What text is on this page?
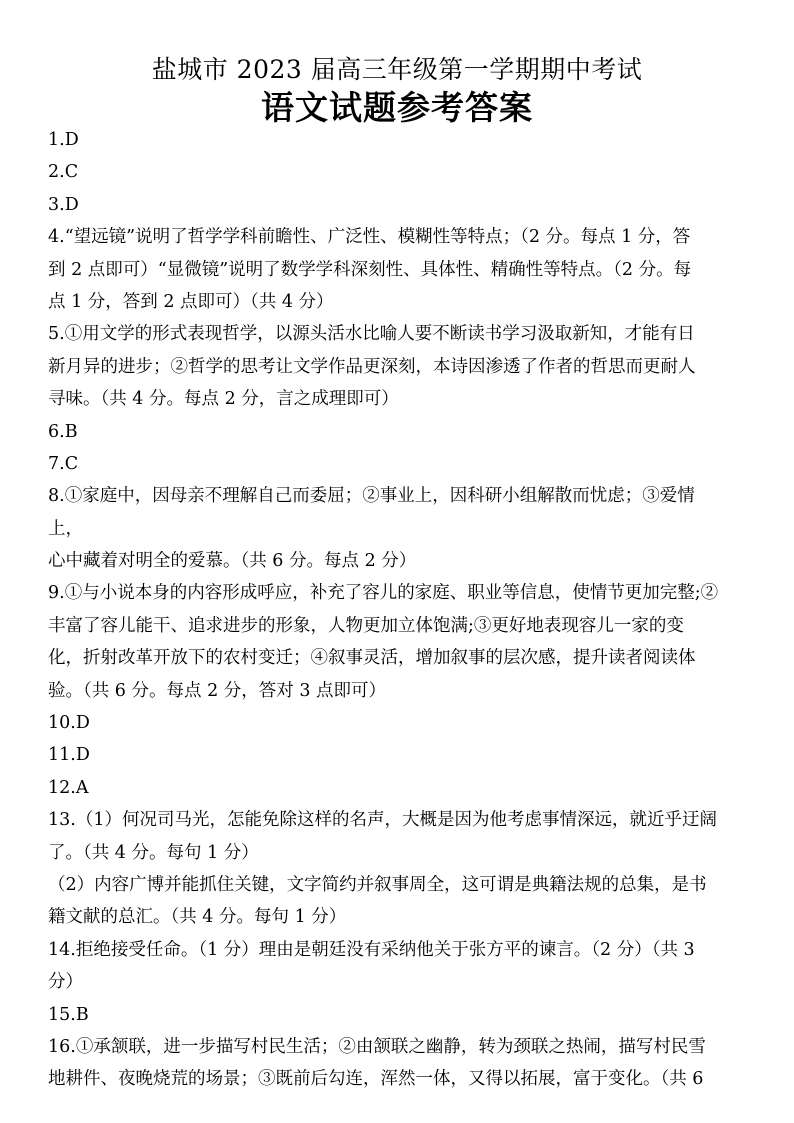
盐城市 2023 届高三年级第一学期期中考试
语文试题参考答案
1.D
2.C
3.D
4.“望远镜”说明了哲学学科前瞻性、广泛性、模糊性等特点；（2 分。每点 1 分，答
到 2 点即可）“显微镜”说明了数学学科深刻性、具体性、精确性等特点。（2 分。每
点 1 分，答到 2 点即可）（共 4 分）
5.①用文学的形式表现哲学，以源头活水比喻人要不断读书学习汲取新知，才能有日
新月异的进步；②哲学的思考让文学作品更深刻，本诗因渗透了作者的哲思而更耐人
寻味。（共 4 分。每点 2 分，言之成理即可）
6.B
7.C
8.①家庭中，因母亲不理解自己而委屈；②事业上，因科研小组解散而忧虑；③爱情
上，
心中藏着对明全的爱慕。（共 6 分。每点 2 分）
9.①与小说本身的内容形成呼应，补充了容儿的家庭、职业等信息，使情节更加完整;②
丰富了容儿能干、追求进步的形象，人物更加立体饱满;③更好地表现容儿一家的变
化，折射改革开放下的农村变迁；④叙事灵活，增加叙事的层次感，提升读者阅读体
验。（共 6 分。每点 2 分，答对 3 点即可）
10.D
11.D
12.A
13.（1）何况司马光，怎能免除这样的名声，大概是因为他考虑事情深远，就近乎迂阔
了。（共 4 分。每句 1 分）
（2）内容广博并能抓住关键，文字简约并叙事周全，这可谓是典籍法规的总集，是书
籍文献的总汇。（共 4 分。每句 1 分）
14.拒绝接受任命。（1 分）理由是朝廷没有采纳他关于张方平的谏言。（2 分）（共 3
分）
15.B
16.①承颔联，进一步描写村民生活；②由颔联之幽静，转为颈联之热闹，描写村民雪
地耕件、夜晚烧荒的场景；③既前后勾连，浑然一体，又得以拓展，富于变化。（共 6
